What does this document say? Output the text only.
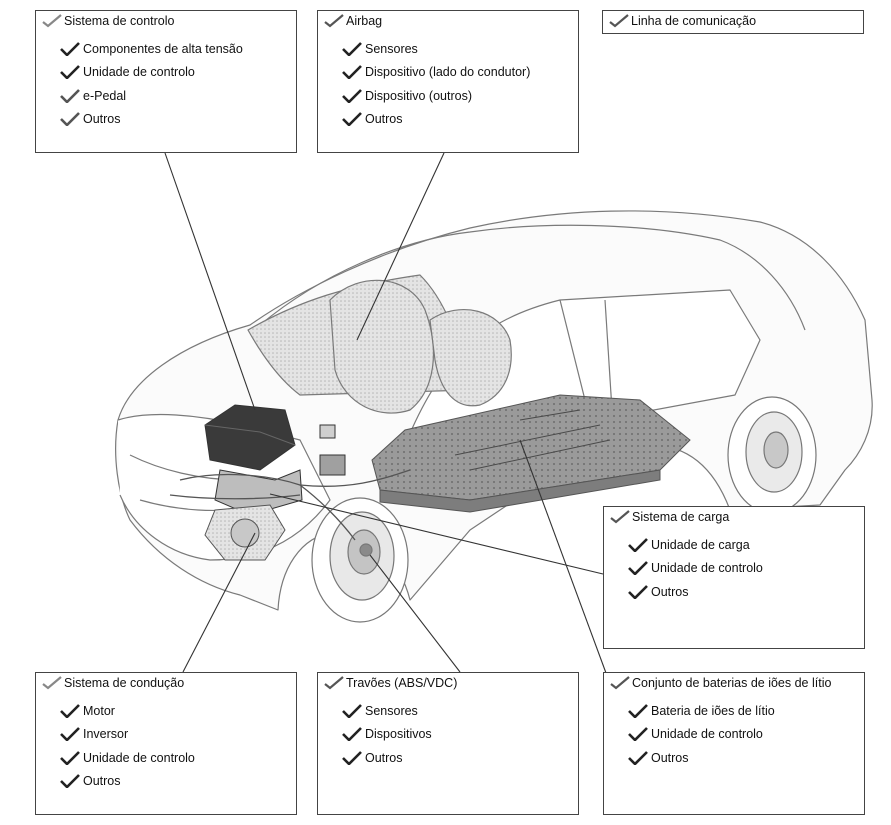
Sistema de controlo
Componentes de alta tensão
Unidade de controlo
e-Pedal
Outros
Airbag
Sensores
Dispositivo (lado do condutor)
Dispositivo (outros)
Outros
Linha de comunicação
Sistema de carga
Unidade de carga
Unidade de controlo
Outros
Sistema de condução
Motor
Inversor
Unidade de controlo
Outros
Travões (ABS/VDC)
Sensores
Dispositivos
Outros
Conjunto de baterias de iões de lítio
Bateria de iões de lítio
Unidade de controlo
Outros
